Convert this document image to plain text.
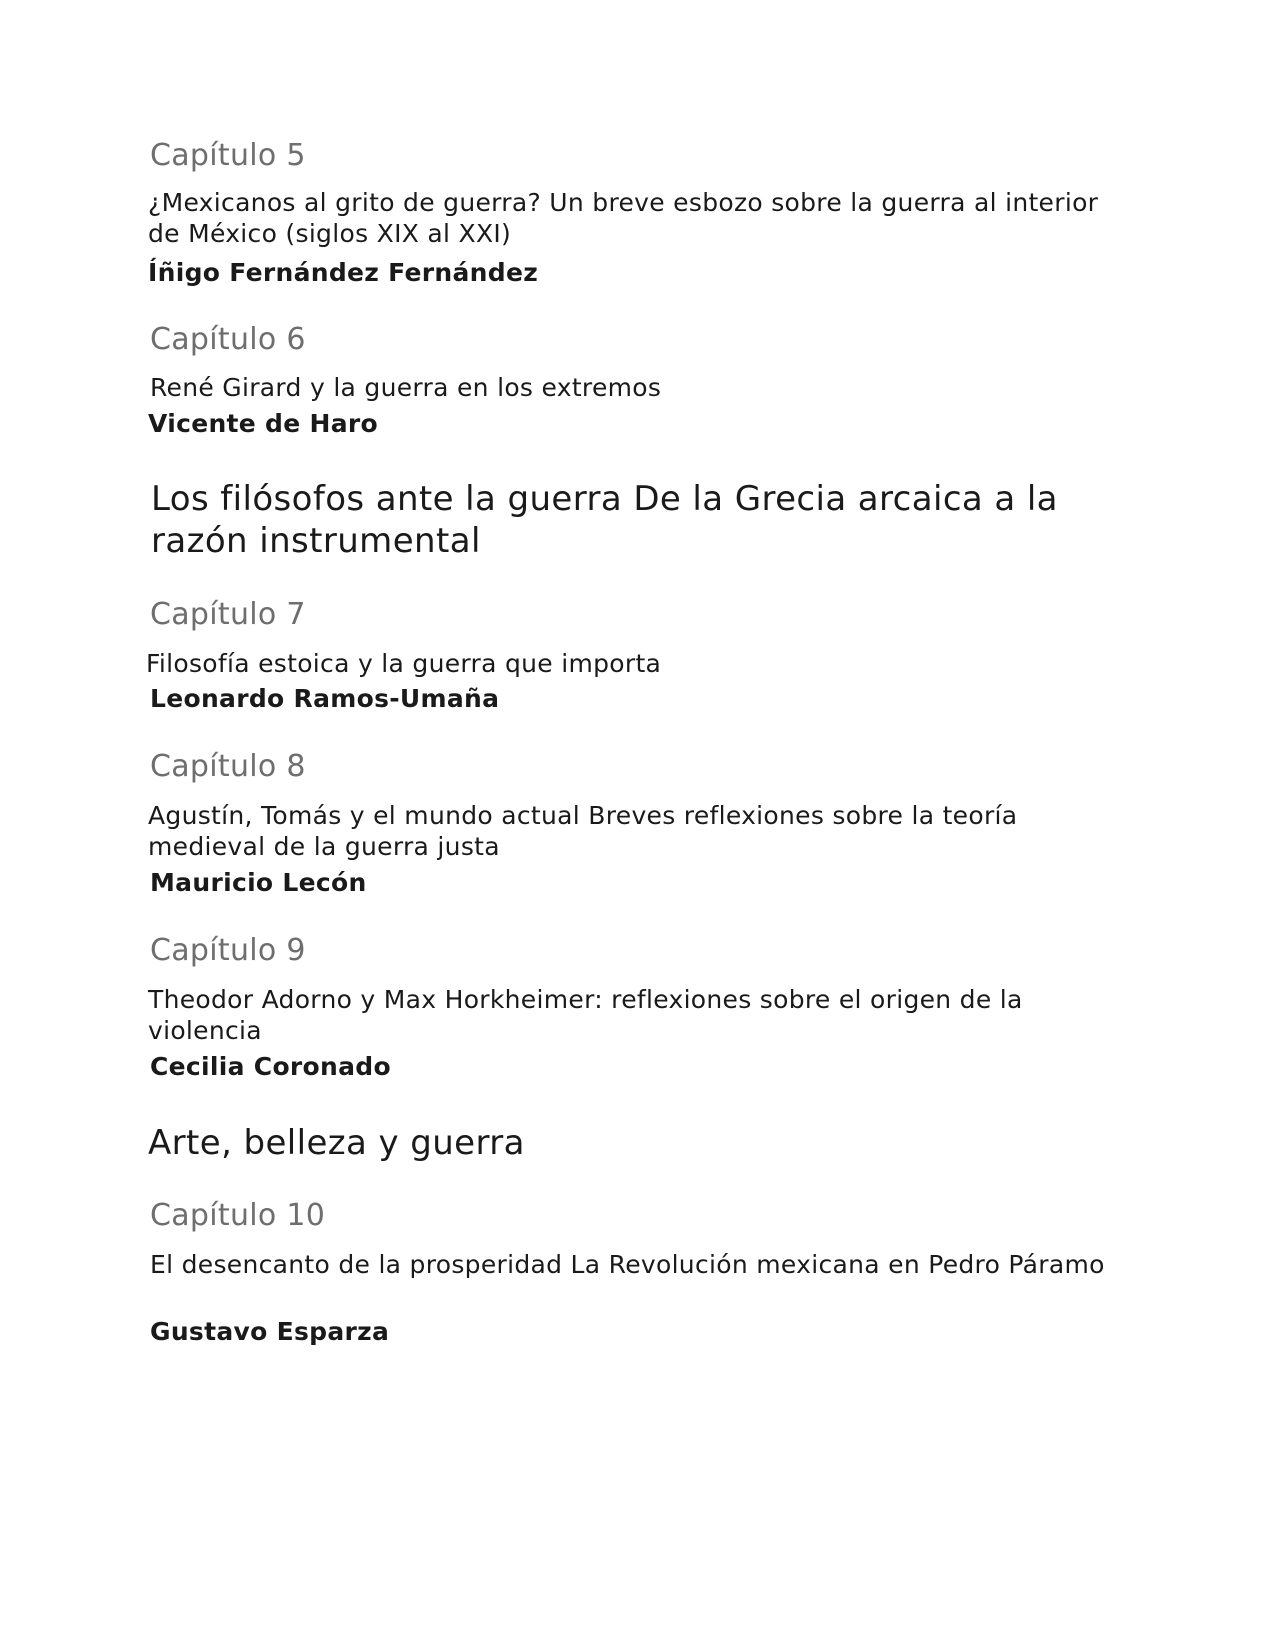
Capítulo 5

¿Mexicanos al grito de guerra? Un breve esbozo sobre la guerra al interior de México (siglos XIX al XXI)

Íñigo Fernández Fernández

Capítulo 6

René Girard y la guerra en los extremos

Vicente de Haro

Los filósofos ante la guerra De la Grecia arcaica a la razón instrumental
Capítulo 7

Filosofía estoica y la guerra que importa

Leonardo Ramos-Umaña

Capítulo 8

Agustín, Tomás y el mundo actual Breves reflexiones sobre la teoría medieval de la guerra justa

Mauricio Lecón

Capítulo 9

Theodor Adorno y Max Horkheimer: reflexiones sobre el origen de la violencia

Cecilia Coronado

Arte, belleza y guerra
Capítulo 10

El desencanto de la prosperidad La Revolución mexicana en Pedro Páramo

Gustavo Esparza
